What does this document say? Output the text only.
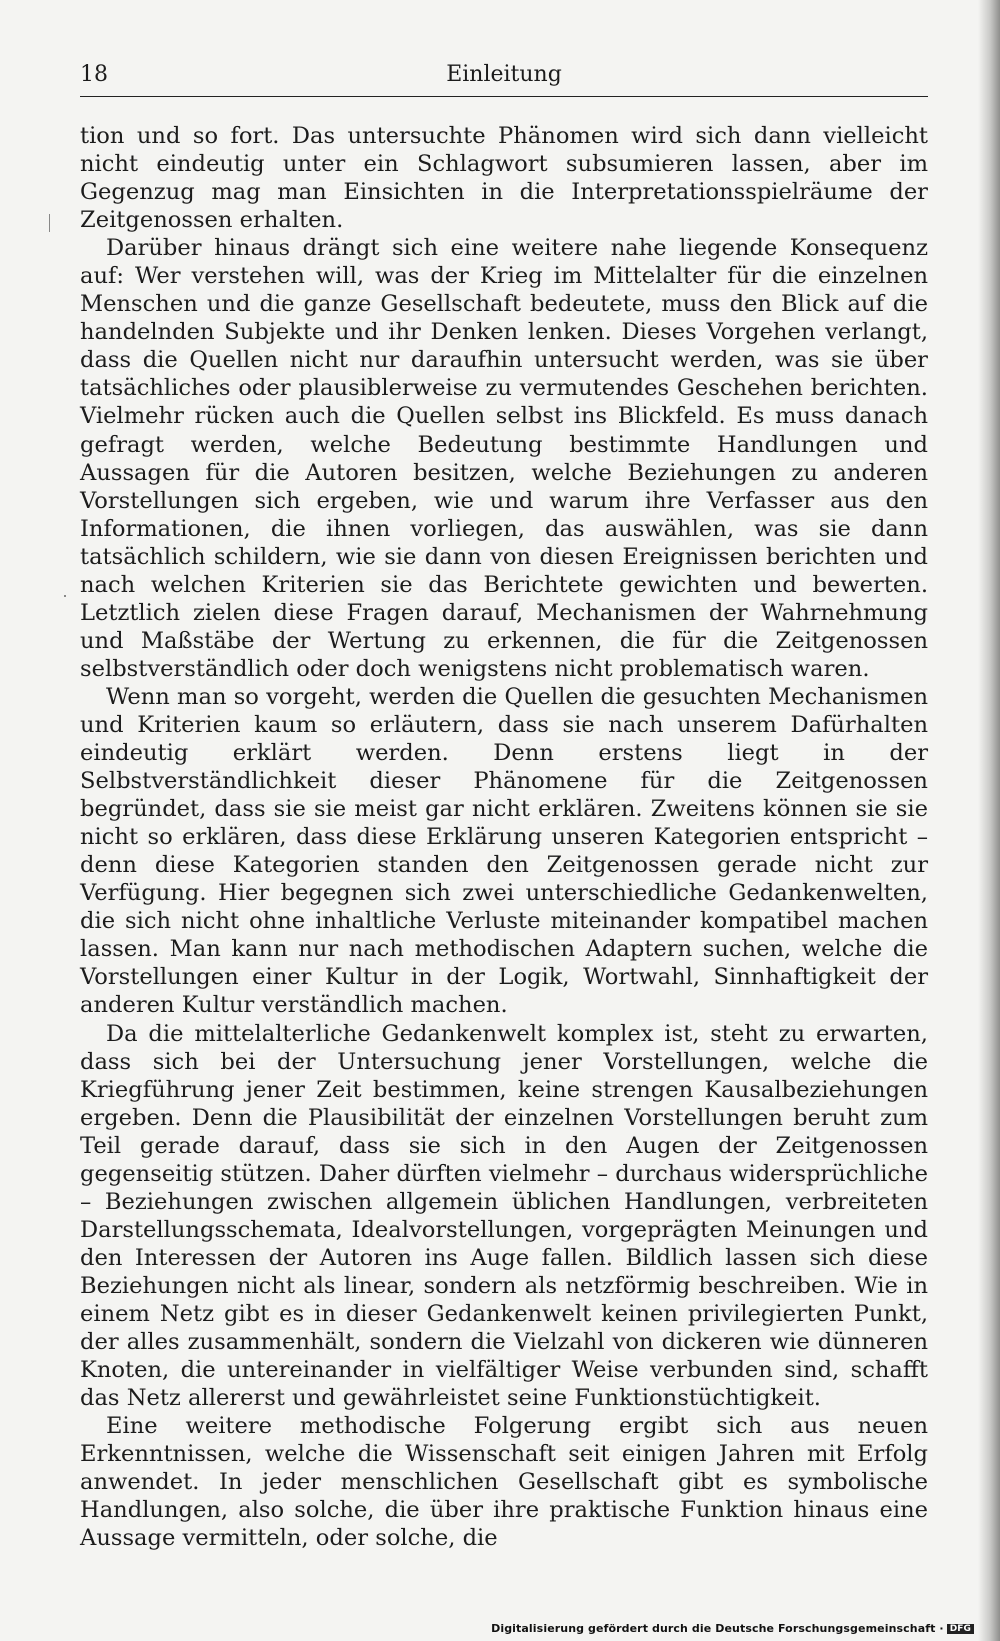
18	Einleitung

tion und so fort. Das untersuchte Phänomen wird sich dann vielleicht nicht eindeutig unter ein Schlagwort subsumieren lassen, aber im Gegenzug mag man Einsichten in die Interpretationsspielräume der Zeitgenossen erhalten.

Darüber hinaus drängt sich eine weitere nahe liegende Konsequenz auf: Wer verstehen will, was der Krieg im Mittelalter für die einzelnen Menschen und die ganze Gesellschaft bedeutete, muss den Blick auf die handelnden Subjekte und ihr Denken lenken. Dieses Vorgehen verlangt, dass die Quellen nicht nur daraufhin untersucht werden, was sie über tatsächliches oder plausiblerweise zu vermutendes Geschehen berichten. Vielmehr rücken auch die Quellen selbst ins Blickfeld. Es muss danach gefragt werden, welche Bedeutung bestimmte Handlungen und Aussagen für die Autoren besitzen, welche Beziehungen zu anderen Vorstellungen sich ergeben, wie und warum ihre Verfasser aus den Informationen, die ihnen vorliegen, das auswählen, was sie dann tatsächlich schildern, wie sie dann von diesen Ereignissen berichten und nach welchen Kriterien sie das Berichtete gewichten und bewerten. Letztlich zielen diese Fragen darauf, Mechanismen der Wahrnehmung und Maßstäbe der Wertung zu erkennen, die für die Zeitgenossen selbstverständlich oder doch wenigstens nicht problematisch waren.

Wenn man so vorgeht, werden die Quellen die gesuchten Mechanismen und Kriterien kaum so erläutern, dass sie nach unserem Dafürhalten eindeutig erklärt werden. Denn erstens liegt in der Selbstverständlichkeit dieser Phänomene für die Zeitgenossen begründet, dass sie sie meist gar nicht erklären. Zweitens können sie sie nicht so erklären, dass diese Erklärung unseren Kategorien entspricht – denn diese Kategorien standen den Zeitgenossen gerade nicht zur Verfügung. Hier begegnen sich zwei unterschiedliche Gedankenwelten, die sich nicht ohne inhaltliche Verluste miteinander kompatibel machen lassen. Man kann nur nach methodischen Adaptern suchen, welche die Vorstellungen einer Kultur in der Logik, Wortwahl, Sinnhaftigkeit der anderen Kultur verständlich machen.

Da die mittelalterliche Gedankenwelt komplex ist, steht zu erwarten, dass sich bei der Untersuchung jener Vorstellungen, welche die Kriegführung jener Zeit bestimmen, keine strengen Kausalbeziehungen ergeben. Denn die Plausibilität der einzelnen Vorstellungen beruht zum Teil gerade darauf, dass sie sich in den Augen der Zeitgenossen gegenseitig stützen. Daher dürften vielmehr – durchaus widersprüchliche – Beziehungen zwischen allgemein üblichen Handlungen, verbreiteten Darstellungsschemata, Idealvorstellungen, vorgeprägten Meinungen und den Interessen der Autoren ins Auge fallen. Bildlich lassen sich diese Beziehungen nicht als linear, sondern als netzförmig beschreiben. Wie in einem Netz gibt es in dieser Gedankenwelt keinen privilegierten Punkt, der alles zusammenhält, sondern die Vielzahl von dickeren wie dünneren Knoten, die untereinander in vielfältiger Weise verbunden sind, schafft das Netz allererst und gewährleistet seine Funktionstüchtigkeit.

Eine weitere methodische Folgerung ergibt sich aus neuen Erkenntnissen, welche die Wissenschaft seit einigen Jahren mit Erfolg anwendet. In jeder menschlichen Gesellschaft gibt es symbolische Handlungen, also solche, die über ihre praktische Funktion hinaus eine Aussage vermitteln, oder solche, die

Digitalisierung gefördert durch die Deutsche Forschungsgemeinschaft · DFG
